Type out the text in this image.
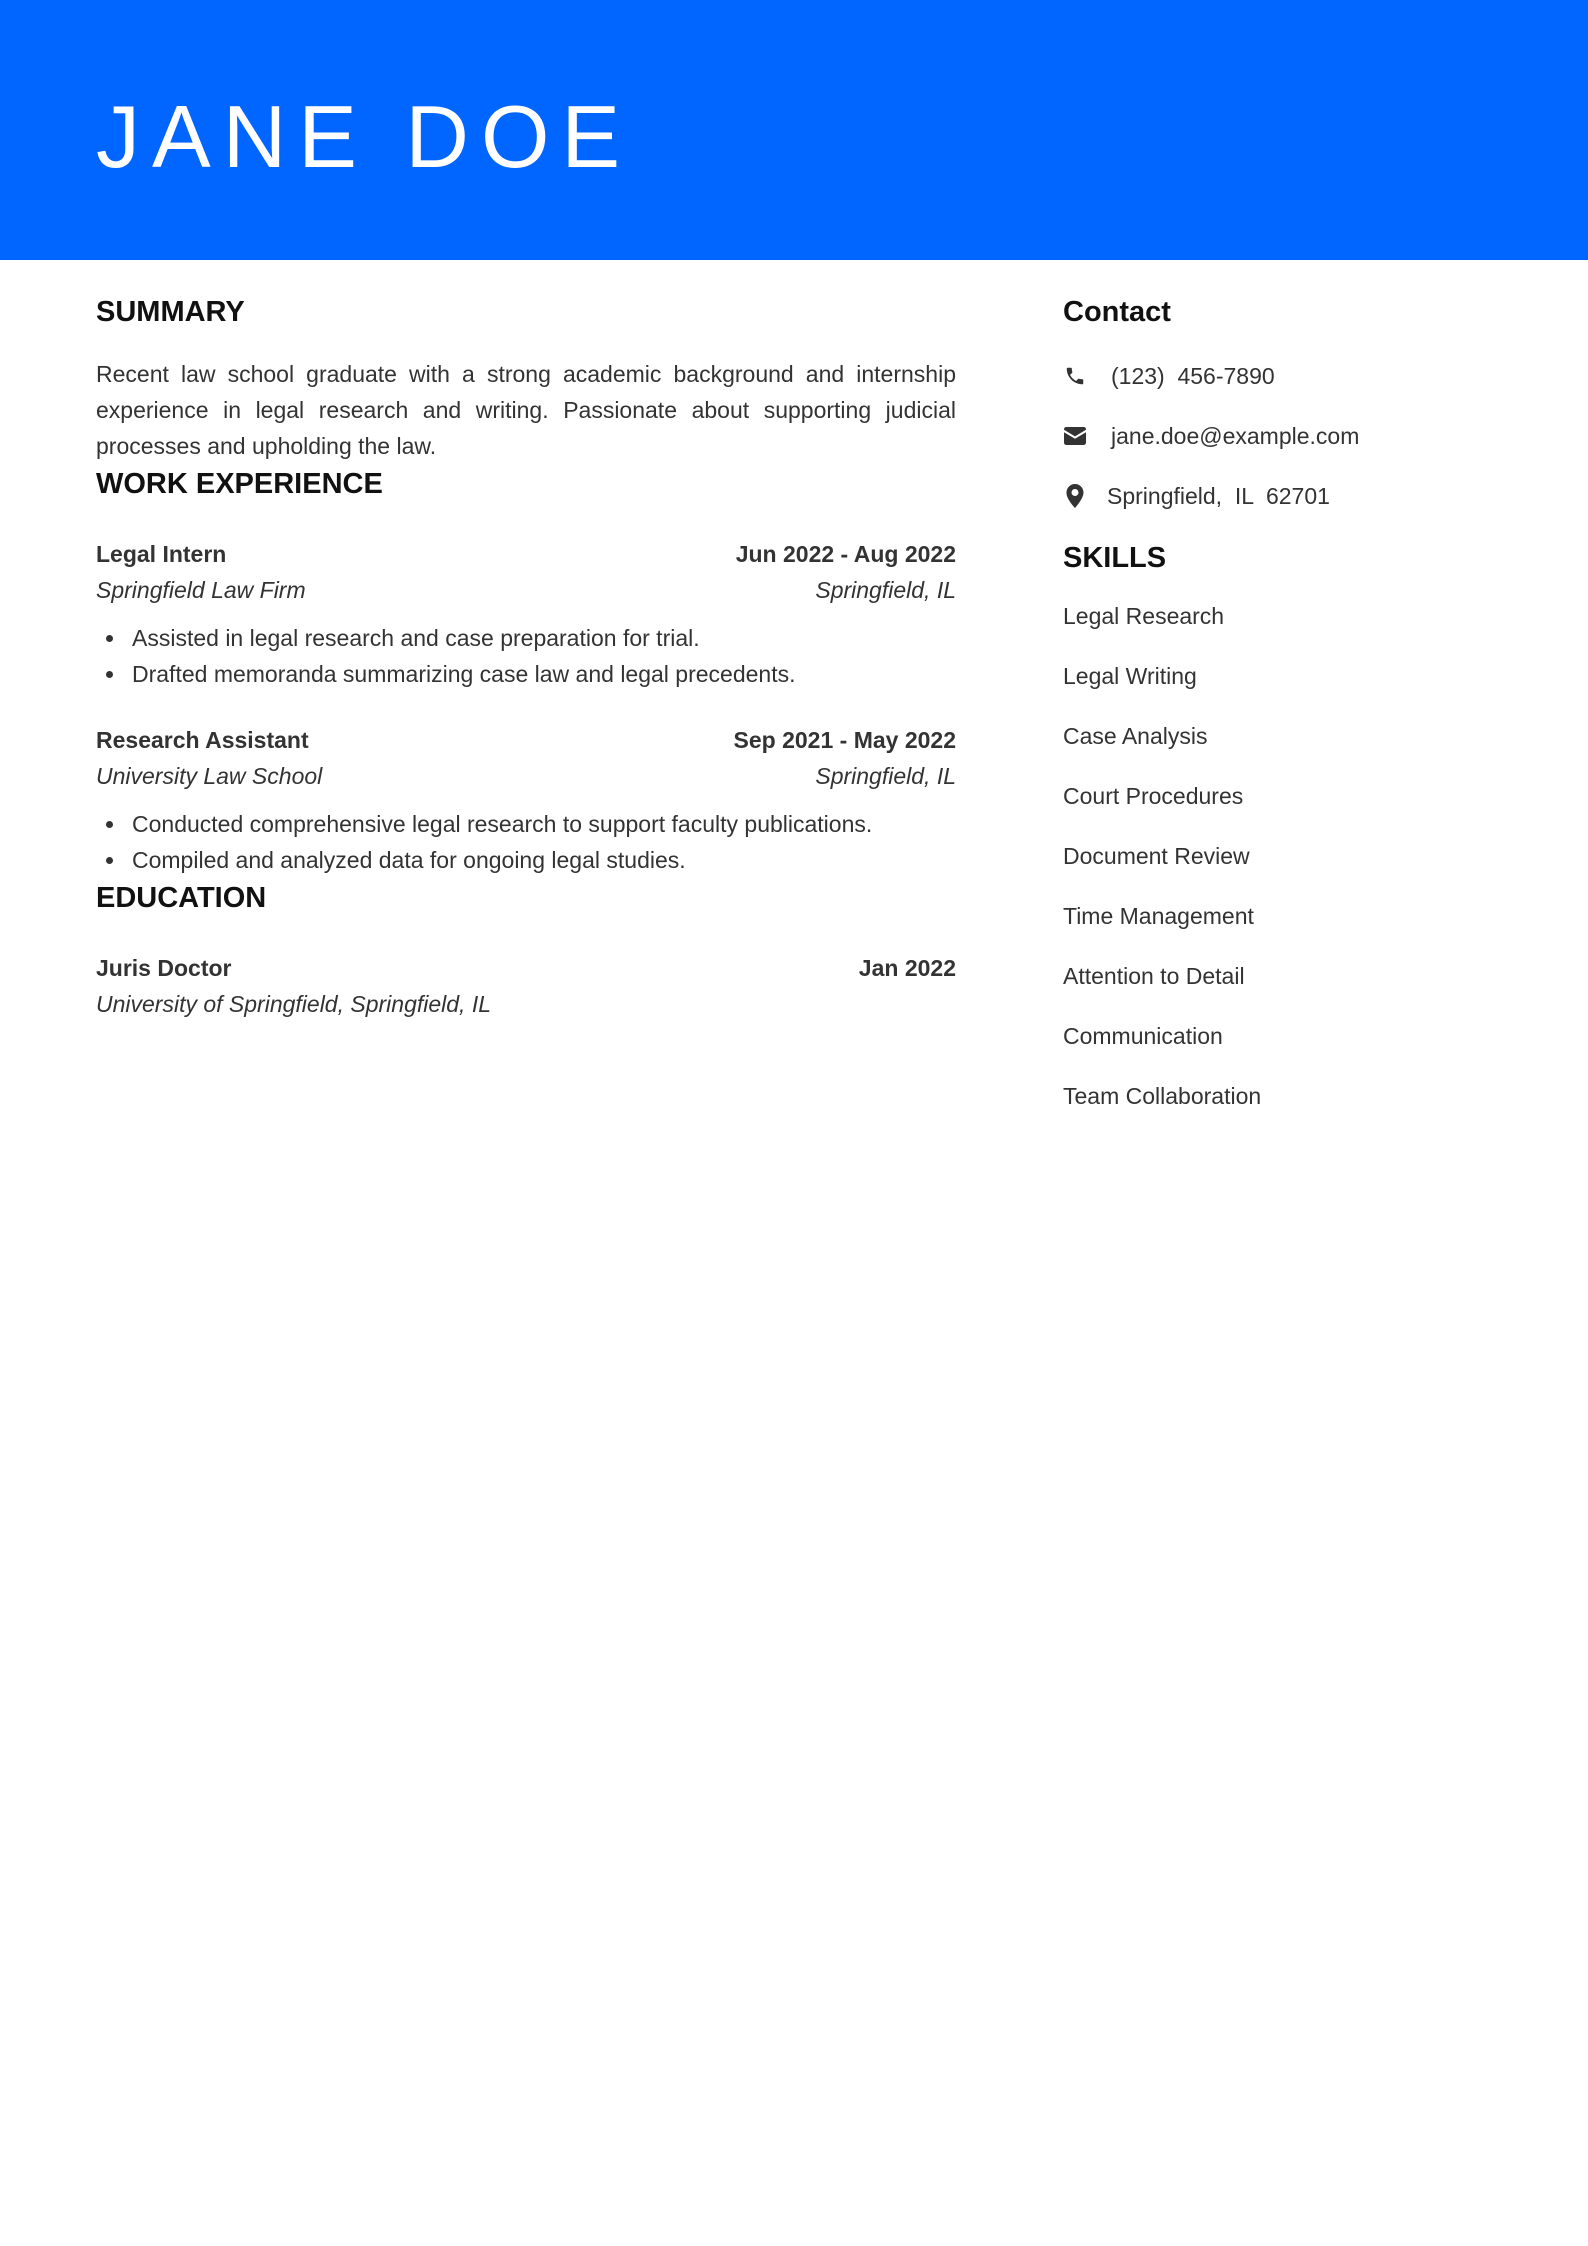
JANE DOE
SUMMARY

Recent law school graduate with a strong academic background and internship experience in legal research and writing. Passionate about supporting judicial processes and upholding the law.

WORK EXPERIENCE
Legal Intern	Jun 2022 - Aug 2022
Springfield Law Firm	Springfield, IL
Assisted in legal research and case preparation for trial.
Drafted memoranda summarizing case law and legal precedents.
Research Assistant	Sep 2021 - May 2022
University Law School	Springfield, IL
Conducted comprehensive legal research to support faculty publications.
Compiled and analyzed data for ongoing legal studies.
EDUCATION
Juris Doctor	Jan 2022
University of Springfield, Springfield, IL
Contact
(123)  456-7890
jane.doe@example.com
Springfield,  IL  62701
SKILLS
Legal Research
Legal Writing
Case Analysis
Court Procedures
Document Review
Time Management
Attention to Detail
Communication
Team Collaboration
